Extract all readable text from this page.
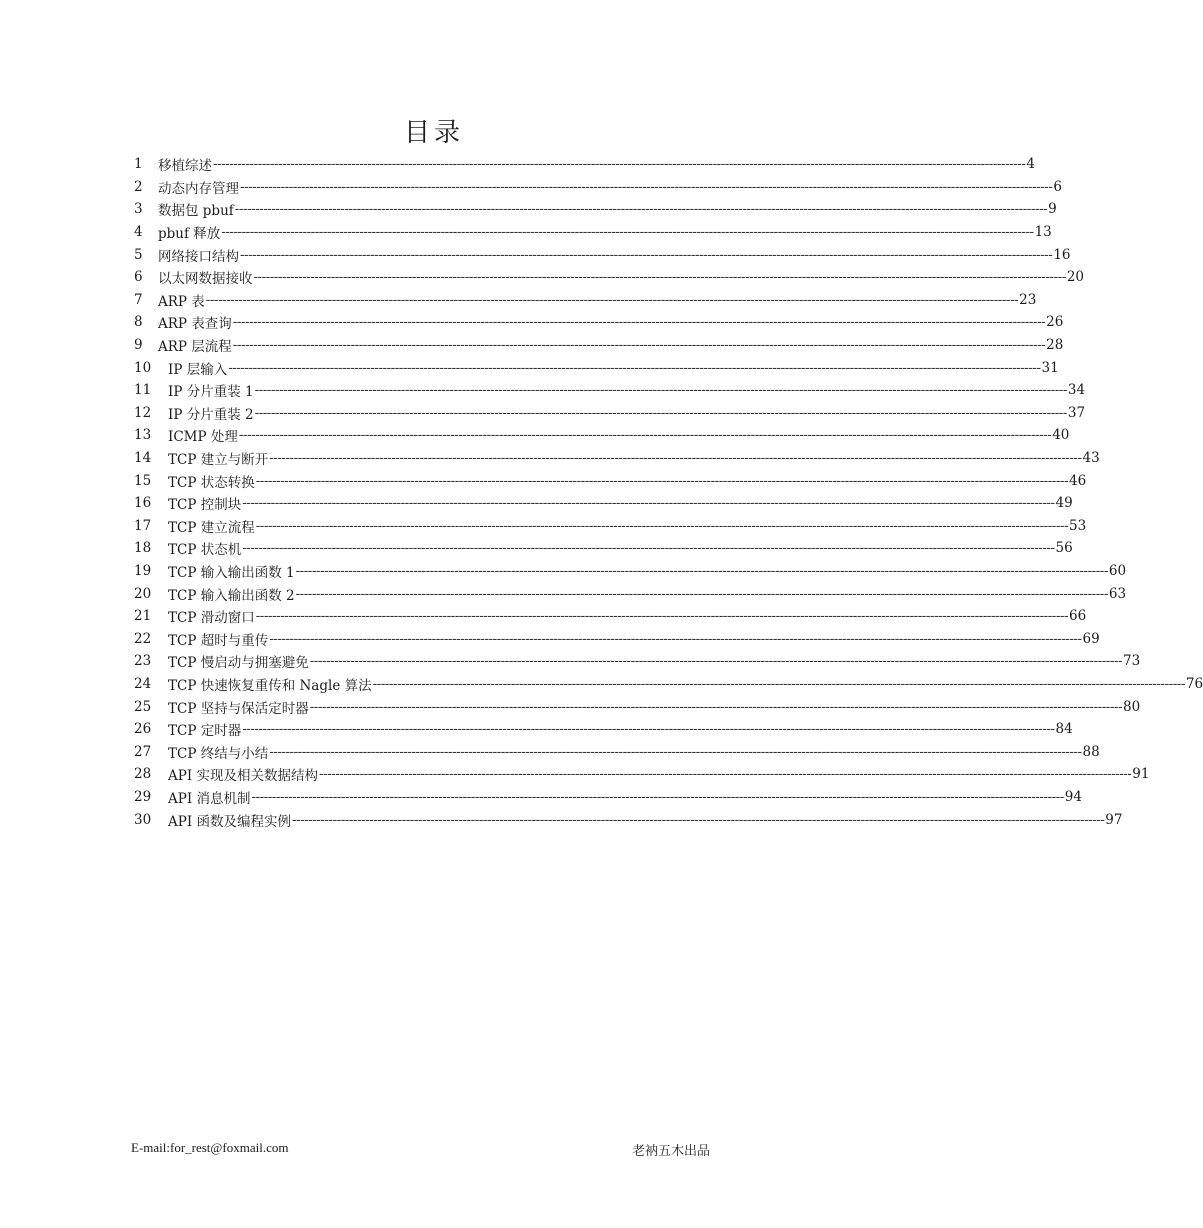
目录
1	移植综述 -------------------------------------------------------------------------------------------------------------------------------------------------------------------------------------------------------- 4
2	动态内存管理 -------------------------------------------------------------------------------------------------------------------------------------------------------------------------------------------------------- 6
3	数据包 pbuf -------------------------------------------------------------------------------------------------------------------------------------------------------------------------------------------------------- 9
4	pbuf 释放 -------------------------------------------------------------------------------------------------------------------------------------------------------------------------------------------------------- 13
5	网络接口结构 -------------------------------------------------------------------------------------------------------------------------------------------------------------------------------------------------------- 16
6	以太网数据接收 -------------------------------------------------------------------------------------------------------------------------------------------------------------------------------------------------------- 20
7	ARP 表 -------------------------------------------------------------------------------------------------------------------------------------------------------------------------------------------------------- 23
8	ARP 表查询 -------------------------------------------------------------------------------------------------------------------------------------------------------------------------------------------------------- 26
9	ARP 层流程 -------------------------------------------------------------------------------------------------------------------------------------------------------------------------------------------------------- 28
10	IP 层输入 -------------------------------------------------------------------------------------------------------------------------------------------------------------------------------------------------------- 31
11	IP 分片重装 1 -------------------------------------------------------------------------------------------------------------------------------------------------------------------------------------------------------- 34
12	IP 分片重装 2 -------------------------------------------------------------------------------------------------------------------------------------------------------------------------------------------------------- 37
13	ICMP 处理 -------------------------------------------------------------------------------------------------------------------------------------------------------------------------------------------------------- 40
14	TCP 建立与断开 -------------------------------------------------------------------------------------------------------------------------------------------------------------------------------------------------------- 43
15	TCP 状态转换 -------------------------------------------------------------------------------------------------------------------------------------------------------------------------------------------------------- 46
16	TCP 控制块 -------------------------------------------------------------------------------------------------------------------------------------------------------------------------------------------------------- 49
17	TCP 建立流程 -------------------------------------------------------------------------------------------------------------------------------------------------------------------------------------------------------- 53
18	TCP 状态机 -------------------------------------------------------------------------------------------------------------------------------------------------------------------------------------------------------- 56
19	TCP 输入输出函数 1 -------------------------------------------------------------------------------------------------------------------------------------------------------------------------------------------------------- 60
20	TCP 输入输出函数 2 -------------------------------------------------------------------------------------------------------------------------------------------------------------------------------------------------------- 63
21	TCP 滑动窗口 -------------------------------------------------------------------------------------------------------------------------------------------------------------------------------------------------------- 66
22	TCP 超时与重传 -------------------------------------------------------------------------------------------------------------------------------------------------------------------------------------------------------- 69
23	TCP 慢启动与拥塞避免 -------------------------------------------------------------------------------------------------------------------------------------------------------------------------------------------------------- 73
24	TCP 快速恢复重传和 Nagle 算法 -------------------------------------------------------------------------------------------------------------------------------------------------------------------------------------------------------- 76
25	TCP 坚持与保活定时器 -------------------------------------------------------------------------------------------------------------------------------------------------------------------------------------------------------- 80
26	TCP 定时器 -------------------------------------------------------------------------------------------------------------------------------------------------------------------------------------------------------- 84
27	TCP 终结与小结 -------------------------------------------------------------------------------------------------------------------------------------------------------------------------------------------------------- 88
28	API 实现及相关数据结构 -------------------------------------------------------------------------------------------------------------------------------------------------------------------------------------------------------- 91
29	API 消息机制 -------------------------------------------------------------------------------------------------------------------------------------------------------------------------------------------------------- 94
30	API 函数及编程实例 -------------------------------------------------------------------------------------------------------------------------------------------------------------------------------------------------------- 97
E-mail:for_rest@foxmail.com	老衲五木出品
